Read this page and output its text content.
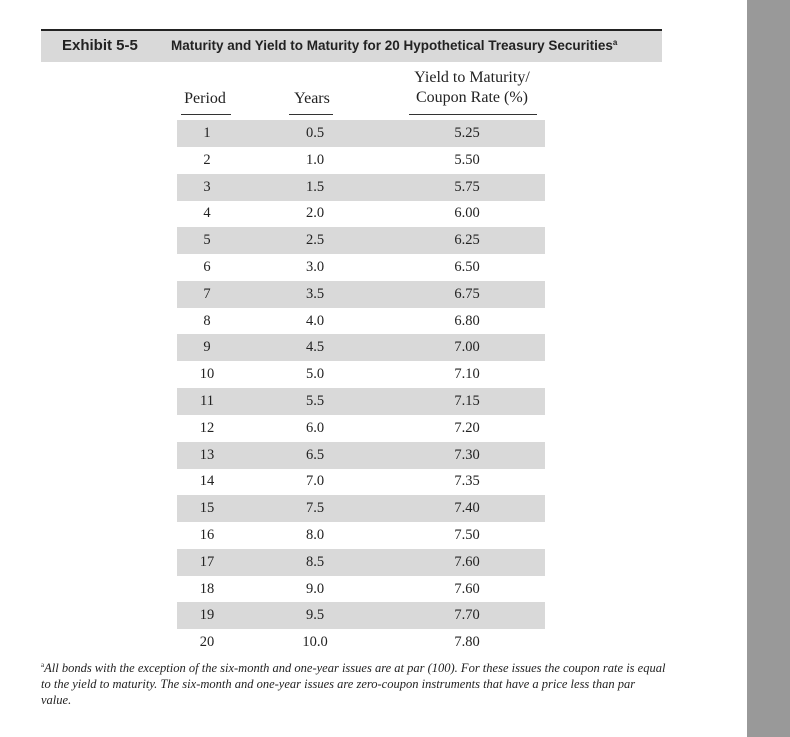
Exhibit 5-5 Maturity and Yield to Maturity for 20 Hypothetical Treasury Securities$^a$
Period	Years
Yield to Maturity/
Coupon Rate (%)
1	0.5	5.25
2	1.0	5.50
3	1.5	5.75
4	2.0	6.00
5	2.5	6.25
6	3.0	6.50
7	3.5	6.75
8	4.0	6.80
9	4.5	7.00
10	5.0	7.10
11	5.5	7.15
12	6.0	7.20
13	6.5	7.30
14	7.0	7.35
15	7.5	7.40
16	8.0	7.50
17	8.5	7.60
18	9.0	7.60
19	9.5	7.70
20	10.0	7.80
$^a$All bonds with the exception of the six-month and one-year issues are at par (100). For these issues the coupon rate is equal to the yield to maturity. The six-month and one-year issues are zero-coupon instruments that have a price less than par value.
